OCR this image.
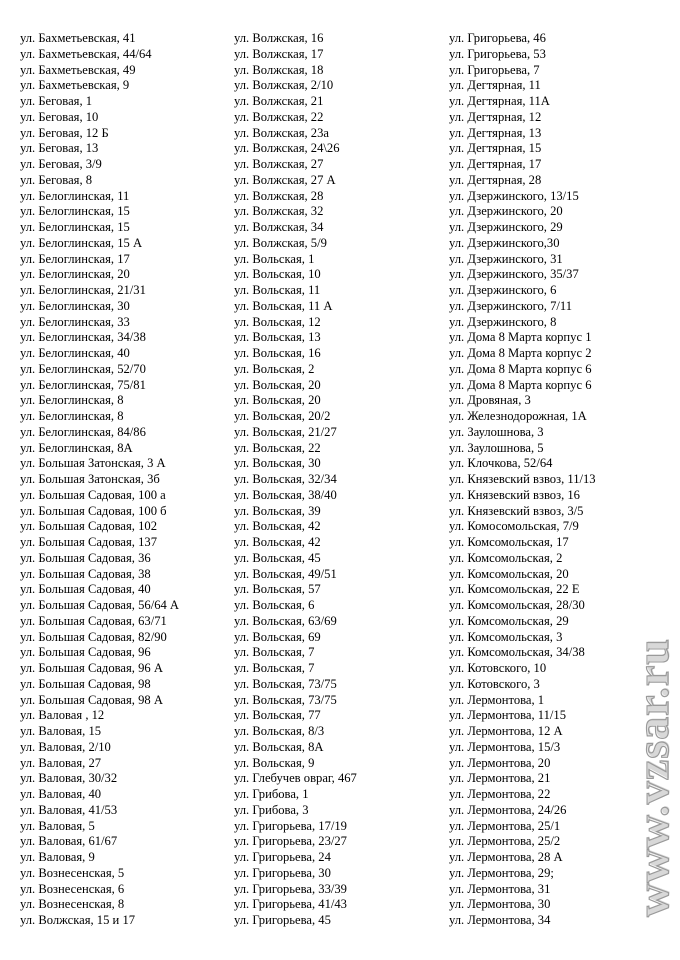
ул. Бахметьевская, 41
ул. Бахметьевская, 44/64
ул. Бахметьевская, 49
ул. Бахметьевская, 9
ул. Беговая, 1
ул. Беговая, 10
ул. Беговая, 12 Б
ул. Беговая, 13
ул. Беговая, 3/9
ул. Беговая, 8
ул. Белоглинская, 11
ул. Белоглинская, 15
ул. Белоглинская, 15
ул. Белоглинская, 15 А
ул. Белоглинская, 17
ул. Белоглинская, 20
ул. Белоглинская, 21/31
ул. Белоглинская, 30
ул. Белоглинская, 33
ул. Белоглинская, 34/38
ул. Белоглинская, 40
ул. Белоглинская, 52/70
ул. Белоглинская, 75/81
ул. Белоглинская, 8
ул. Белоглинская, 8
ул. Белоглинская, 84/86
ул. Белоглинская, 8А
ул. Большая Затонская, 3 А
ул. Большая Затонская, 3б
ул. Большая Садовая, 100 а
ул. Большая Садовая, 100 б
ул. Большая Садовая, 102
ул. Большая Садовая, 137
ул. Большая Садовая, 36
ул. Большая Садовая, 38
ул. Большая Садовая, 40
ул. Большая Садовая, 56/64 А
ул. Большая Садовая, 63/71
ул. Большая Садовая, 82/90
ул. Большая Садовая, 96
ул. Большая Садовая, 96 А
ул. Большая Садовая, 98
ул. Большая Садовая, 98 А
ул. Валовая , 12
ул. Валовая, 15
ул. Валовая, 2/10
ул. Валовая, 27
ул. Валовая, 30/32
ул. Валовая, 40
ул. Валовая, 41/53
ул. Валовая, 5
ул. Валовая, 61/67
ул. Валовая, 9
ул. Вознесенская, 5
ул. Вознесенская, 6
ул. Вознесенская, 8
ул. Волжская, 15 и 17
ул. Волжская, 16
ул. Волжская, 17
ул. Волжская, 18
ул. Волжская, 2/10
ул. Волжская, 21
ул. Волжская, 22
ул. Волжская, 23а
ул. Волжская, 24\26
ул. Волжская, 27
ул. Волжская, 27 А
ул. Волжская, 28
ул. Волжская, 32
ул. Волжская, 34
ул. Волжская, 5/9
ул. Вольская, 1
ул. Вольская, 10
ул. Вольская, 11
ул. Вольская, 11 А
ул. Вольская, 12
ул. Вольская, 13
ул. Вольская, 16
ул. Вольская, 2
ул. Вольская, 20
ул. Вольская, 20
ул. Вольская, 20/2
ул. Вольская, 21/27
ул. Вольская, 22
ул. Вольская, 30
ул. Вольская, 32/34
ул. Вольская, 38/40
ул. Вольская, 39
ул. Вольская, 42
ул. Вольская, 42
ул. Вольская, 45
ул. Вольская, 49/51
ул. Вольская, 57
ул. Вольская, 6
ул. Вольская, 63/69
ул. Вольская, 69
ул. Вольская, 7
ул. Вольская, 7
ул. Вольская, 73/75
ул. Вольская, 73/75
ул. Вольская, 77
ул. Вольская, 8/3
ул. Вольская, 8А
ул. Вольская, 9
ул. Глебучев овраг, 467
ул. Грибова, 1
ул. Грибова, 3
ул. Григорьева, 17/19
ул. Григорьева, 23/27
ул. Григорьева, 24
ул. Григорьева, 30
ул. Григорьева, 33/39
ул. Григорьева, 41/43
ул. Григорьева, 45
ул. Григорьева, 46
ул. Григорьева, 53
ул. Григорьева, 7
ул. Дегтярная, 11
ул. Дегтярная, 11А
ул. Дегтярная, 12
ул. Дегтярная, 13
ул. Дегтярная, 15
ул. Дегтярная, 17
ул. Дегтярная, 28
ул. Дзержинского, 13/15
ул. Дзержинского, 20
ул. Дзержинского, 29
ул. Дзержинского,30
ул. Дзержинского, 31
ул. Дзержинского, 35/37
ул. Дзержинского, 6
ул. Дзержинского, 7/11
ул. Дзержинского, 8
ул. Дома 8 Марта корпус 1
ул. Дома 8 Марта корпус 2
ул. Дома 8 Марта корпус 6
ул. Дома 8 Марта корпус 6
ул. Дровяная, 3
ул. Железнодорожная, 1А
ул. Заулошнова, 3
ул. Заулошнова, 5
ул. Клочкова, 52/64
ул. Князевский взвоз, 11/13
ул. Князевский взвоз, 16
ул. Князевский взвоз, 3/5
ул. Комосомольская, 7/9
ул. Комсомольская, 17
ул. Комсомольская, 2
ул. Комсомольская, 20
ул. Комсомольская, 22 Е
ул. Комсомольская, 28/30
ул. Комсомольская, 29
ул. Комсомольская, 3
ул. Комсомольская, 34/38
ул. Котовского, 10
ул. Котовского, 3
ул. Лермонтова, 1
ул. Лермонтова, 11/15
ул. Лермонтова, 12 А
ул. Лермонтова, 15/3
ул. Лермонтова, 20
ул. Лермонтова, 21
ул. Лермонтова, 22
ул. Лермонтова, 24/26
ул. Лермонтова, 25/1
ул. Лермонтова, 25/2
ул. Лермонтова, 28 А
ул. Лермонтова, 29;
ул. Лермонтова, 31
ул. Лермонтова, 30
ул. Лермонтова, 34
www.vzsar.ru
